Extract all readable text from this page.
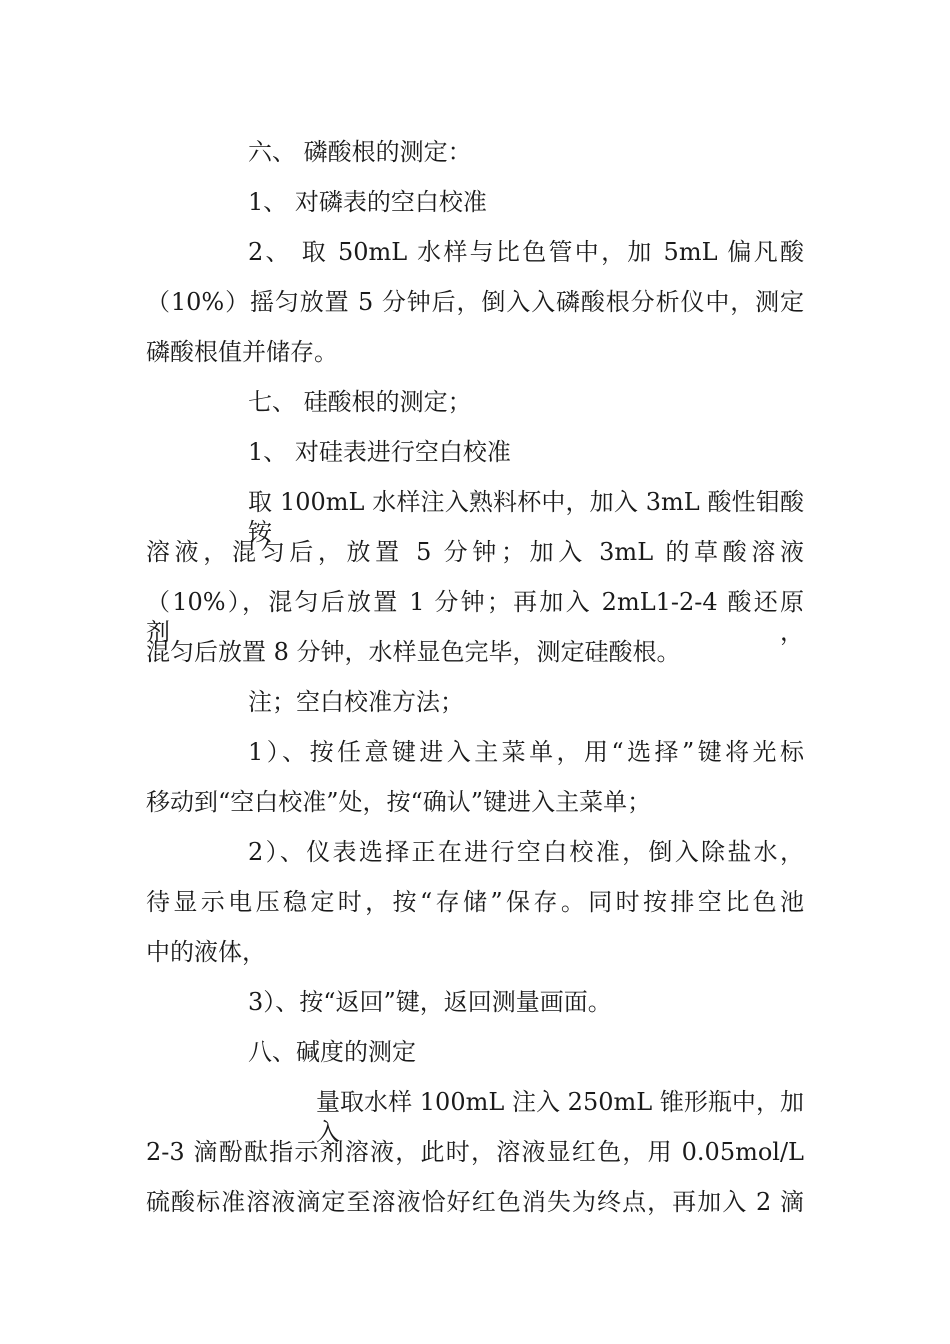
六、 磷酸根的测定：
1、 对磷表的空白校准
2、 取 50mL 水样与比色管中，加 5mL 偏凡酸
（10%）摇匀放置 5 分钟后，倒入入磷酸根分析仪中，测定
磷酸根值并储存。
七、 硅酸根的测定；
1、 对硅表进行空白校准
取 100mL 水样注入熟料杯中，加入 3mL 酸性钼酸铵
溶液，混匀后，放置 5 分钟；加入 3mL 的草酸溶液
（10%），混匀后放置 1 分钟；再加入 2mL1-2-4 酸还原剂，
混匀后放置 8 分钟，水样显色完毕，测定硅酸根。
注；空白校准方法；
1）、按任意键进入主菜单，用“选择”键将光标
移动到“空白校准”处，按“确认”键进入主菜单；
2）、仪表选择正在进行空白校准，倒入除盐水，
待显示电压稳定时，按“存储”保存。同时按排空比色池
中的液体，
3）、按“返回”键，返回测量画面。
八、碱度的测定
量取水样 100mL 注入 250mL 锥形瓶中，加入
2-3 滴酚酞指示剂溶液，此时，溶液显红色，用 0.05mol/L
硫酸标准溶液滴定至溶液恰好红色消失为终点，再加入 2 滴
